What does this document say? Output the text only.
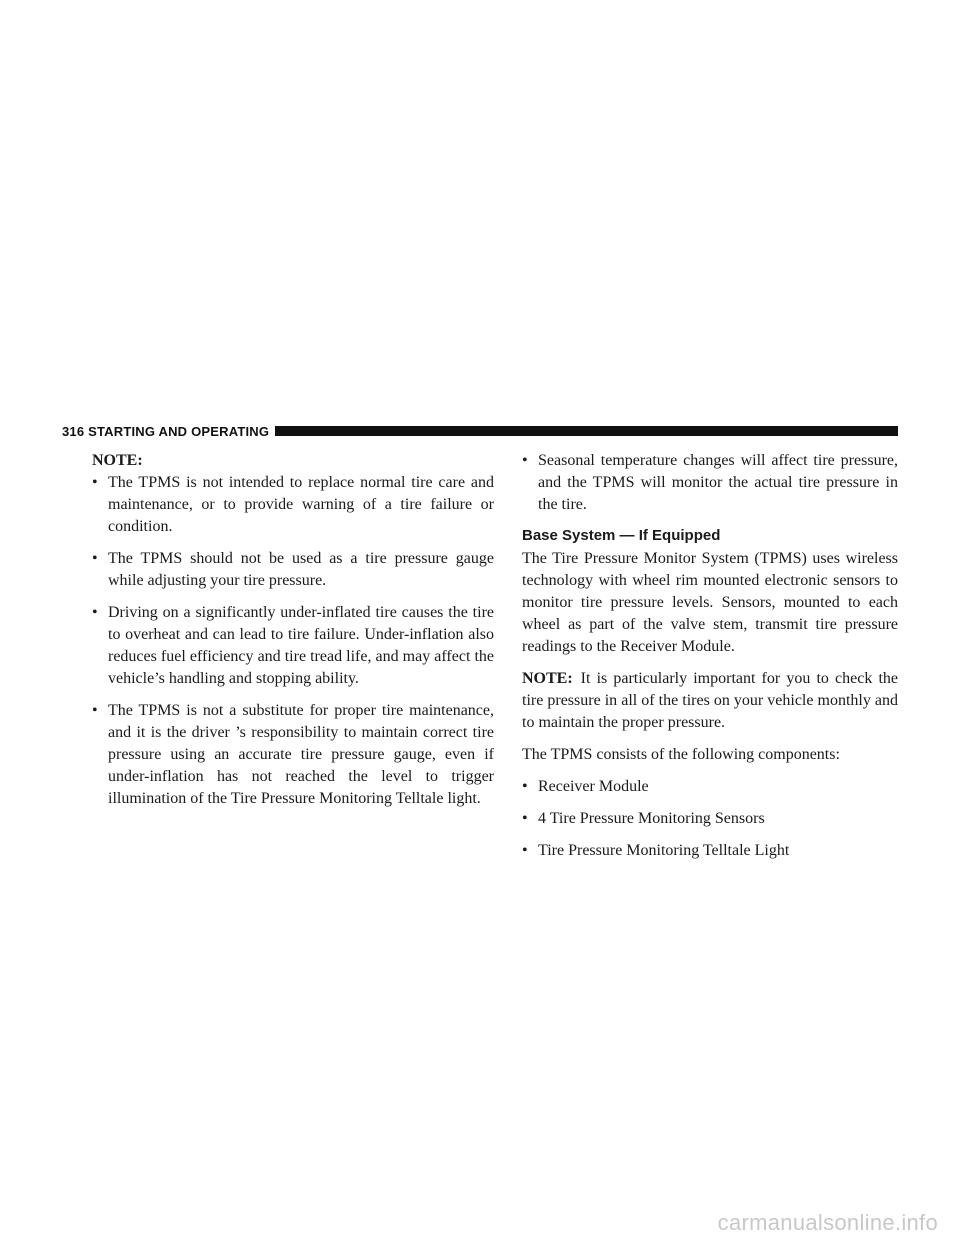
316 STARTING AND OPERATING

NOTE:

• The TPMS is not intended to replace normal tire care and maintenance, or to provide warning of a tire failure or condition.
• The TPMS should not be used as a tire pressure gauge while adjusting your tire pressure.
• Driving on a significantly under-inflated tire causes the tire to overheat and can lead to tire failure. Under-inflation also reduces fuel efficiency and tire tread life, and may affect the vehicle’s handling and stopping ability.
• The TPMS is not a substitute for proper tire maintenance, and it is the driver ’s responsibility to maintain correct tire pressure using an accurate tire pressure gauge, even if under-inflation has not reached the level to trigger illumination of the Tire Pressure Monitoring Telltale light.
• Seasonal temperature changes will affect tire pressure, and the TPMS will monitor the actual tire pressure in the tire.
Base System — If Equipped

The Tire Pressure Monitor System (TPMS) uses wireless technology with wheel rim mounted electronic sensors to monitor tire pressure levels. Sensors, mounted to each wheel as part of the valve stem, transmit tire pressure readings to the Receiver Module.

NOTE: It is particularly important for you to check the tire pressure in all of the tires on your vehicle monthly and to maintain the proper pressure.

The TPMS consists of the following components:

• Receiver Module
• 4 Tire Pressure Monitoring Sensors
• Tire Pressure Monitoring Telltale Light
carmanualsonline.info
